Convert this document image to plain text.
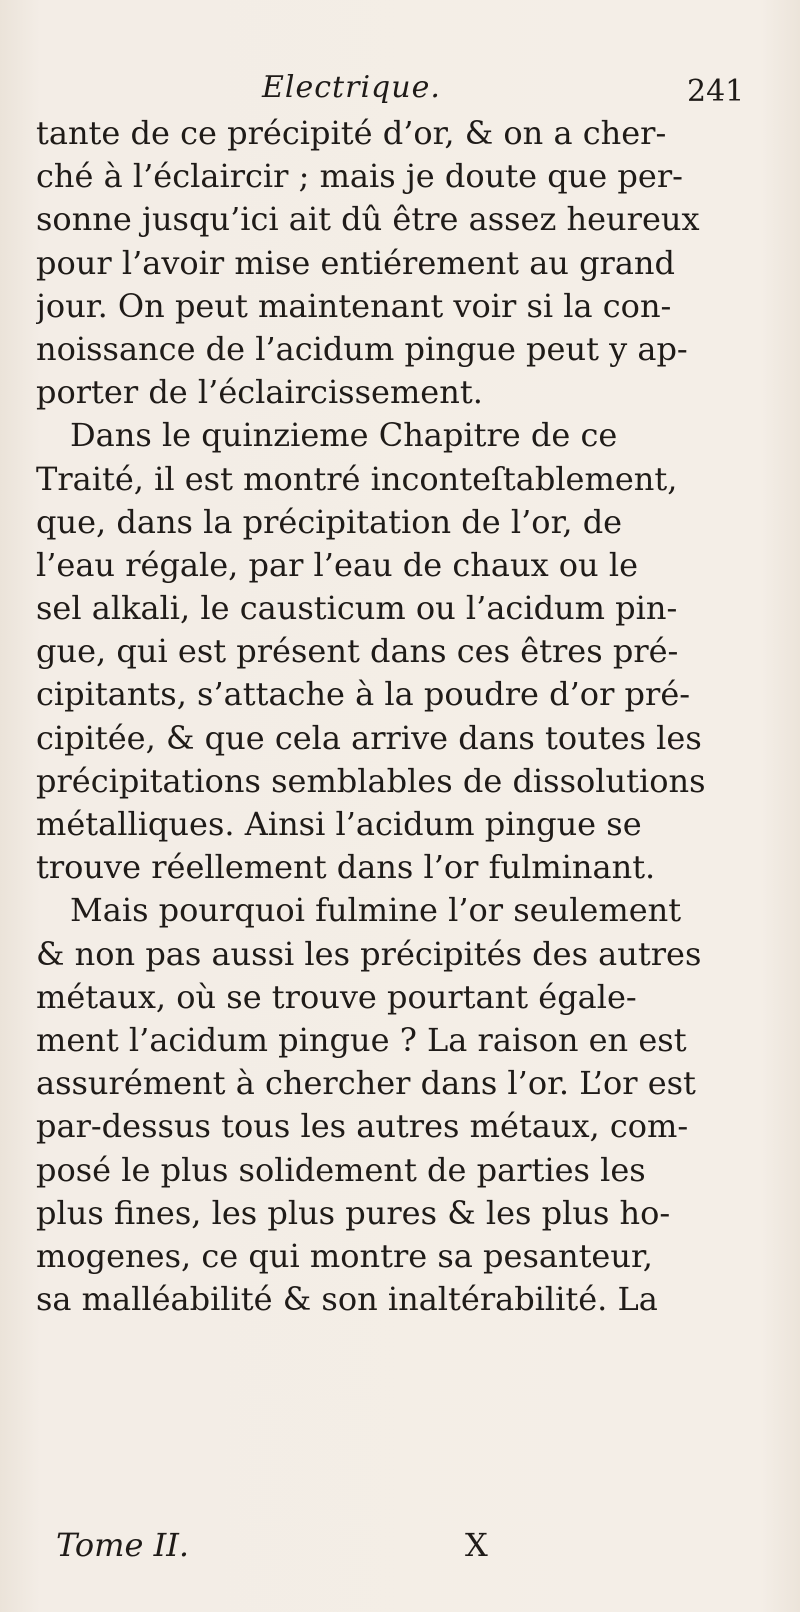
Electrique.	241
tante de ce précipité d’or, & on a cher-
ché à l’éclaircir ; mais je doute que per-
sonne jusqu’ici ait dû être assez heureux
pour l’avoir mise entiérement au grand
jour. On peut maintenant voir si la con-
noissance de l’acidum pingue peut y ap-
porter de l’éclaircissement.
Dans le quinzieme Chapitre de ce
Traité, il est montré inconteſtablement,
que, dans la précipitation de l’or, de
l’eau régale, par l’eau de chaux ou le
sel alkali, le causticum ou l’acidum pin-
gue, qui est présent dans ces êtres pré-
cipitants, s’attache à la poudre d’or pré-
cipitée, & que cela arrive dans toutes les
précipitations semblables de dissolutions
métalliques. Ainsi l’acidum pingue se
trouve réellement dans l’or fulminant.
Mais pourquoi fulmine l’or seulement
& non pas aussi les précipités des autres
métaux, où se trouve pourtant égale-
ment l’acidum pingue ? La raison en est
assurément à chercher dans l’or. L’or est
par-dessus tous les autres métaux, com-
posé le plus solidement de parties les
plus fines, les plus pures & les plus ho-
mogenes, ce qui montre sa pesanteur,
sa malléabilité & son inaltérabilité. La
Tome II.	X
